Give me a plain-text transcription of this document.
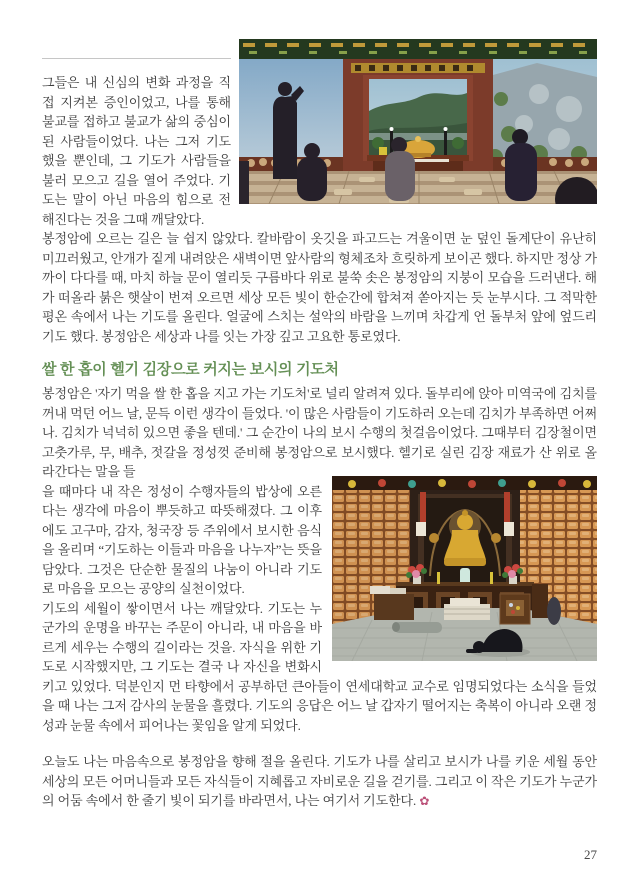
그들은 내 신심의 변화 과정을 직접 지켜본 증인이었고, 나를 통해 불교를 접하고 불교가 삶의 중심이 된 사람들이었다. 나는 그저 기도했을 뿐인데, 그 기도가 사람들을 불러 모으고 길을 열어 주었다. 기도는 말이 아닌 마음의 힘으로 전해진다는 것을 그때 깨달았다.

봉정암에 오르는 길은 늘 쉽지 않았다. 칼바람이 옷깃을 파고드는 겨울이면 눈 덮인 돌계단이 유난히 미끄러웠고, 안개가 짙게 내려앉은 새벽이면 앞사람의 형체조차 흐릿하게 보이곤 했다. 하지만 정상 가까이 다다를 때, 마치 하늘 문이 열리듯 구름바다 위로 불쑥 솟은 봉정암의 지붕이 모습을 드러낸다. 해가 떠올라 붉은 햇살이 번져 오르면 세상 모든 빛이 한순간에 합쳐져 쏟아지는 듯 눈부시다. 그 적막한 평온 속에서 나는 기도를 올린다. 얼굴에 스치는 설악의 바람을 느끼며 차갑게 언 돌부처 앞에 엎드리기도 했다. 봉정암은 세상과 나를 잇는 가장 깊고 고요한 통로였다.

쌀 한 홉이 헬기 김장으로 커지는 보시의 기도처

봉정암은 '자기 먹을 쌀 한 홉을 지고 가는 기도처'로 널리 알려져 있다. 돌부리에 앉아 미역국에 김치를 꺼내 먹던 어느 날, 문득 이런 생각이 들었다. '이 많은 사람들이 기도하러 오는데 김치가 부족하면 어쩌나. 김치가 넉넉히 있으면 좋을 텐데.' 그 순간이 나의 보시 수행의 첫걸음이었다. 그때부터 김장철이면 고춧가루, 무, 배추, 젓갈을 정성껏 준비해 봉정암으로 보시했다. 헬기로 실린 김장 재료가 산 위로 올라간다는 말을 들

을 때마다 내 작은 정성이 수행자들의 밥상에 오른다는 생각에 마음이 뿌듯하고 따뜻해졌다. 그 이후에도 고구마, 감자, 청국장 등 주위에서 보시한 음식을 올리며 “기도하는 이들과 마음을 나누자”는 뜻을 담았다. 그것은 단순한 물질의 나눔이 아니라 기도로 마음을 모으는 공양의 실천이었다.

기도의 세월이 쌓이면서 나는 깨달았다. 기도는 누군가의 운명을 바꾸는 주문이 아니라, 내 마음을 바르게 세우는 수행의 길이라는 것을. 자식을 위한 기도로 시작했지만, 그 기도는 결국 나 자신을 변화시키고 있었다. 덕분인지 먼 타향에서 공부하던 큰아들이 연세대학교 교수로 임명되었다는 소식을 들었을 때 나는 그저 감사의 눈물을 흘렸다. 기도의 응답은 어느 날 갑자기 떨어지는 축복이 아니라 오랜 정성과 눈물 속에서 피어나는 꽃임을 알게 되었다.

오늘도 나는 마음속으로 봉정암을 향해 절을 올린다. 기도가 나를 살리고 보시가 나를 키운 세월 동안 세상의 모든 어머니들과 모든 자식들이 지혜롭고 자비로운 길을 걷기를. 그리고 이 작은 기도가 누군가의 어둠 속에서 한 줄기 빛이 되기를 바라면서, 나는 여기서 기도한다. ✿

27
